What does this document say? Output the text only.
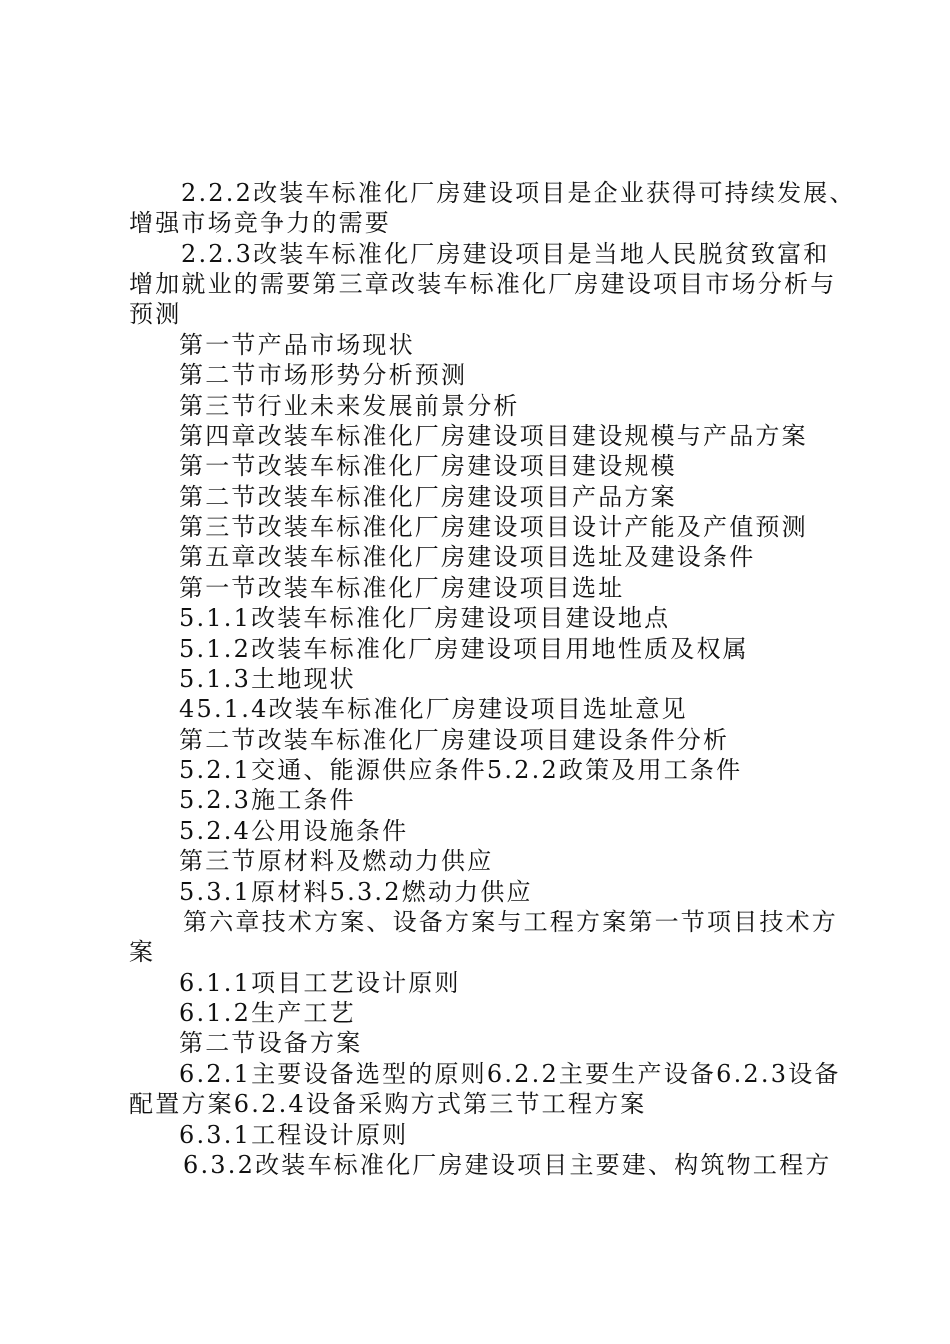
2.2.2改装车标准化厂房建设项目是企业获得可持续发展、
增强市场竞争力的需要
2.2.3改装车标准化厂房建设项目是当地人民脱贫致富和
增加就业的需要第三章改装车标准化厂房建设项目市场分析与
预测
第一节产品市场现状
第二节市场形势分析预测
第三节行业未来发展前景分析
第四章改装车标准化厂房建设项目建设规模与产品方案
第一节改装车标准化厂房建设项目建设规模
第二节改装车标准化厂房建设项目产品方案
第三节改装车标准化厂房建设项目设计产能及产值预测
第五章改装车标准化厂房建设项目选址及建设条件
第一节改装车标准化厂房建设项目选址
5.1.1改装车标准化厂房建设项目建设地点
5.1.2改装车标准化厂房建设项目用地性质及权属
5.1.3土地现状
45.1.4改装车标准化厂房建设项目选址意见
第二节改装车标准化厂房建设项目建设条件分析
5.2.1交通、能源供应条件5.2.2政策及用工条件
5.2.3施工条件
5.2.4公用设施条件
第三节原材料及燃动力供应
5.3.1原材料5.3.2燃动力供应
第六章技术方案、设备方案与工程方案第一节项目技术方
案
6.1.1项目工艺设计原则
6.1.2生产工艺
第二节设备方案
6.2.1主要设备选型的原则6.2.2主要生产设备6.2.3设备
配置方案6.2.4设备采购方式第三节工程方案
6.3.1工程设计原则
6.3.2改装车标准化厂房建设项目主要建、构筑物工程方
